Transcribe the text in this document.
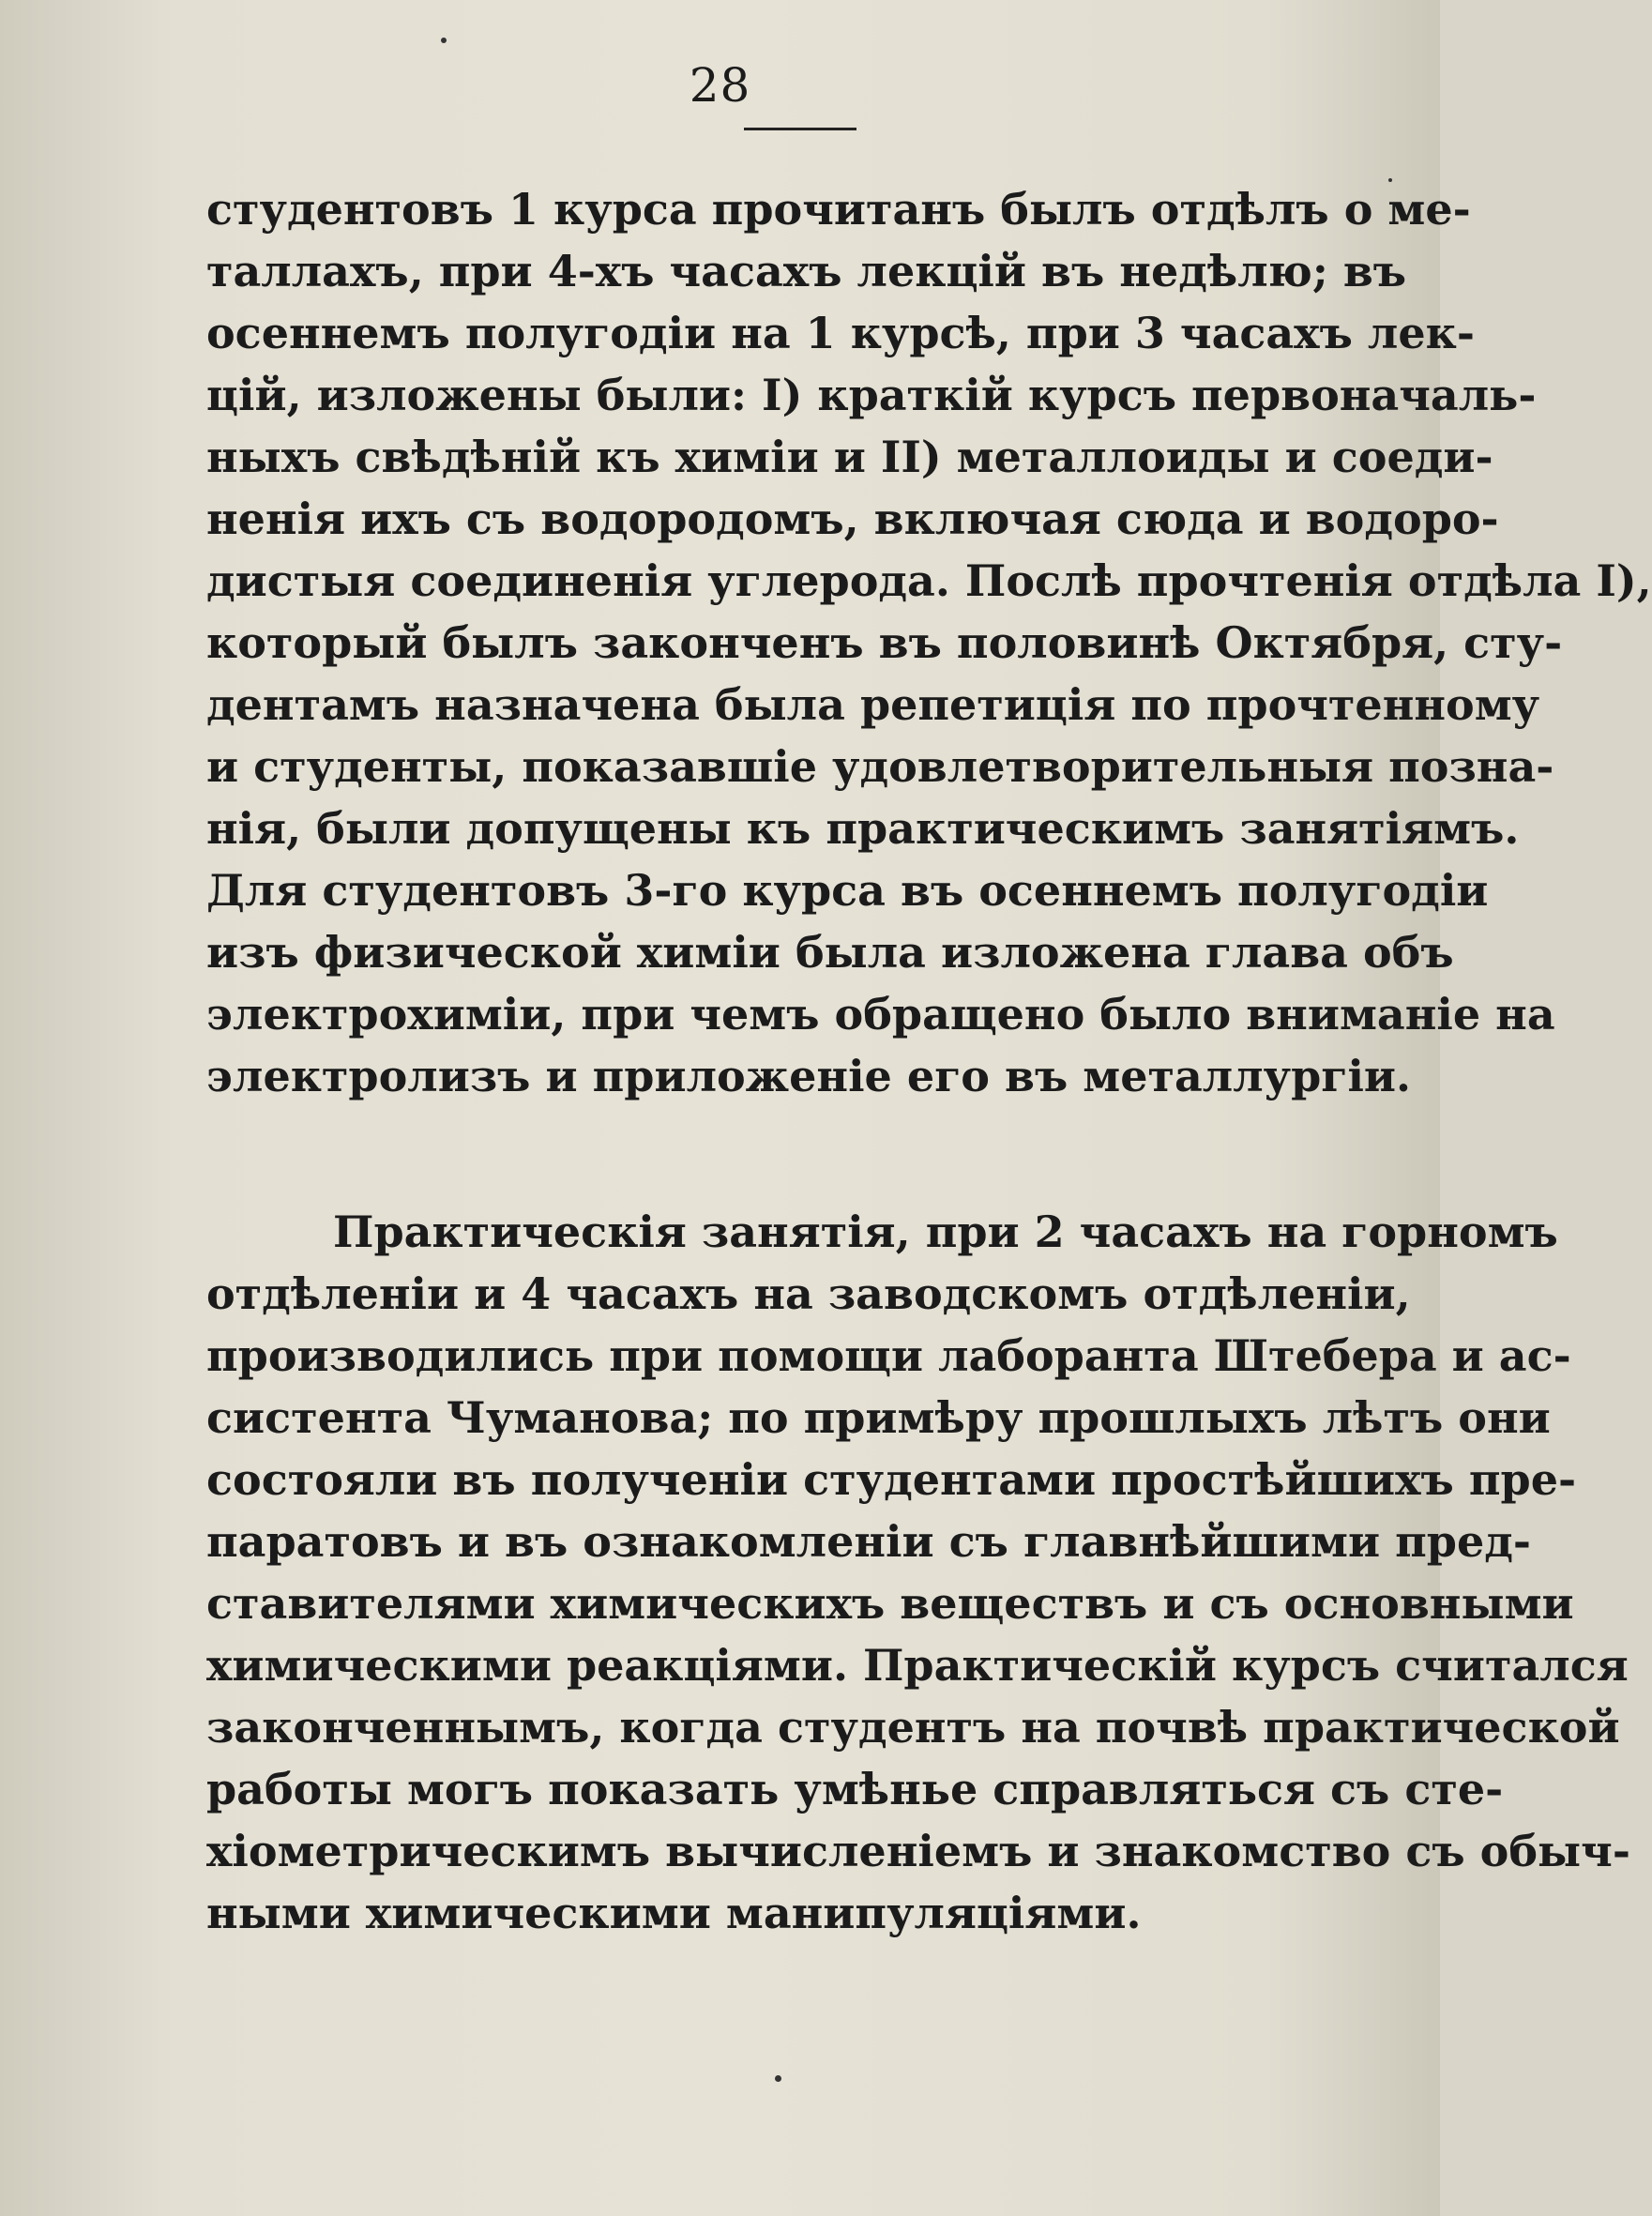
28
студентовъ 1 курса прочитанъ былъ отдѣлъ о ме-
таллахъ, при 4-хъ часахъ лекцій въ недѣлю; въ
осеннемъ полугодіи на 1 курсѣ, при 3 часахъ лек-
цій, изложены были: I) краткій курсъ первоначаль-
ныхъ свѣдѣній къ химіи и II) металлоиды и соеди-
ненія ихъ съ водородомъ, включая сюда и водоро-
дистыя соединенія углерода. Послѣ прочтенія отдѣла I),
который былъ законченъ въ половинѣ Октября, сту-
дентамъ назначена была репетиція по прочтенному
и студенты, показавшіе удовлетворительныя позна-
нія, были допущены къ практическимъ занятіямъ.
Для студентовъ 3-го курса въ осеннемъ полугодіи
изъ физической химіи была изложена глава объ
электрохиміи, при чемъ обращено было вниманіе на
электролизъ и приложеніе его въ металлургіи.
Практическія занятія, при 2 часахъ на горномъ
отдѣленіи и 4 часахъ на заводскомъ отдѣленіи,
производились при помощи лаборанта Штебера и ас-
систента Чуманова; по примѣру прошлыхъ лѣтъ они
состояли въ полученіи студентами простѣйшихъ пре-
паратовъ и въ ознакомленіи съ главнѣйшими пред-
ставителями химическихъ веществъ и съ основными
химическими реакціями. Практическій курсъ считался
законченнымъ, когда студентъ на почвѣ практической
работы могъ показать умѣнье справляться съ сте-
хіометрическимъ вычисленіемъ и знакомство съ обыч-
ными химическими манипуляціями.
